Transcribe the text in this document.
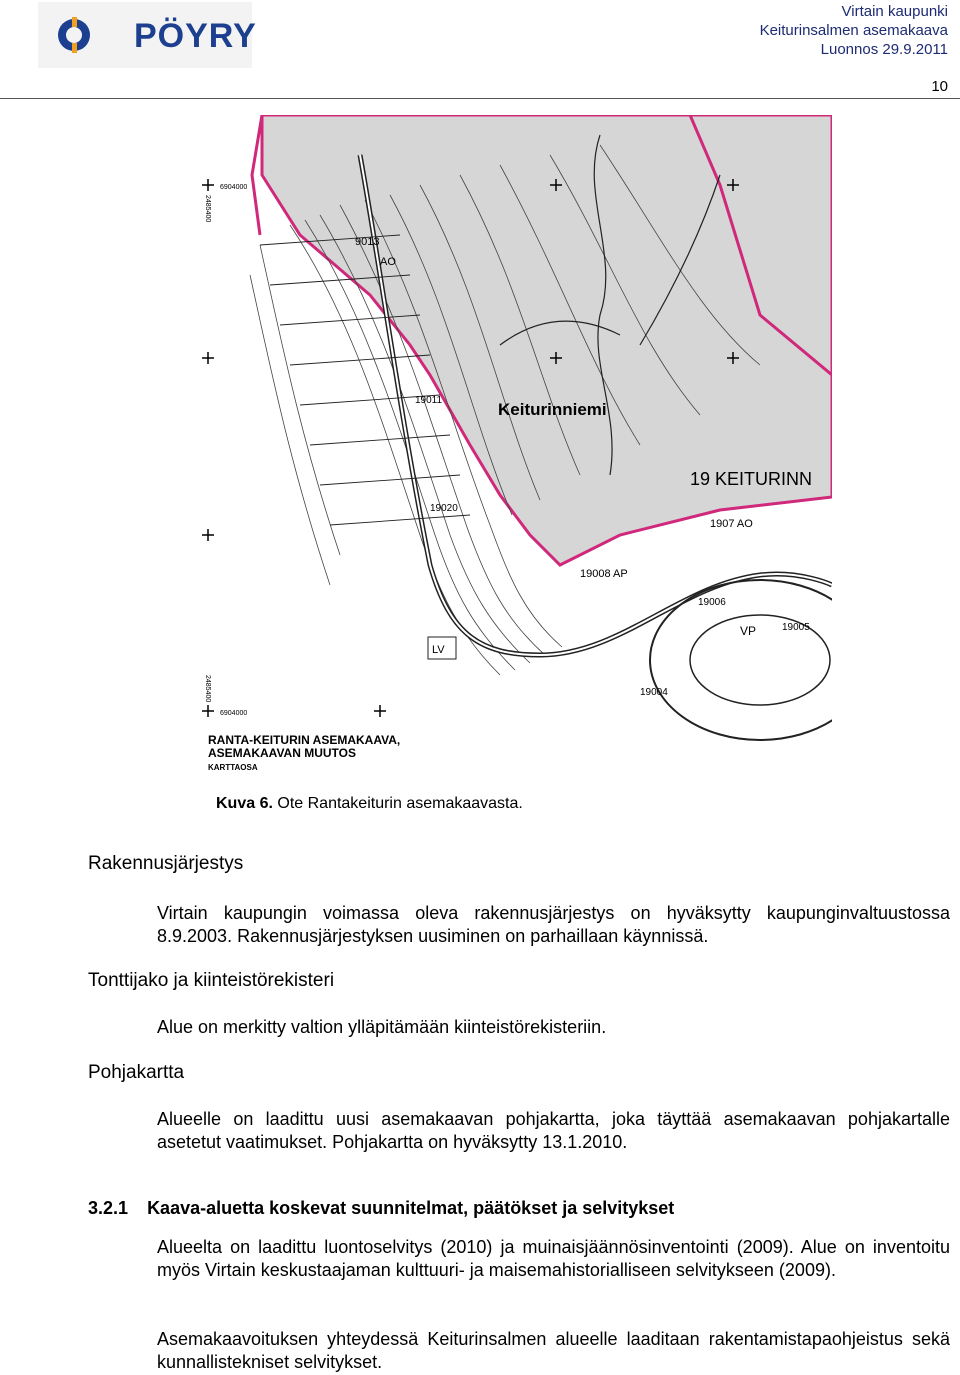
PÖYRY
Virtain kaupunki
Keiturinsalmen asemakaava
Luonnos 29.9.2011
10
6904000
6904000
2485400
2485400
Keiturinniemi
19 KEITURINN
9013
AO
19011
19020
19008 AP
1907 AO
19006
VP	19005
19004
LV
RANTA-KEITURIN ASEMAKAAVA,
ASEMAKAAVAN MUUTOS
KARTTAOSA
Kuva 6. Ote Rantakeiturin asemakaavasta.
Rakennusjärjestys
Virtain kaupungin voimassa oleva rakennusjärjestys on hyväksytty kaupunginvaltuustossa 8.9.2003. Rakennusjärjestyksen uusiminen on parhaillaan käynnissä.
Tonttijako ja kiinteistörekisteri
Alue on merkitty valtion ylläpitämään kiinteistörekisteriin.
Pohjakartta
Alueelle on laadittu uusi asemakaavan pohjakartta, joka täyttää asemakaavan pohjakartalle asetetut vaatimukset. Pohjakartta on hyväksytty 13.1.2010.
3.2.1 Kaava-aluetta koskevat suunnitelmat, päätökset ja selvitykset
Alueelta on laadittu luontoselvitys (2010) ja muinaisjäännösinventointi (2009). Alue on inventoitu myös Virtain keskustaajaman kulttuuri- ja maisemahistorialliseen selvitykseen (2009).
Asemakaavoituksen yhteydessä Keiturinsalmen alueelle laaditaan rakentamistapaohjeistus sekä kunnallistekniset selvitykset.
